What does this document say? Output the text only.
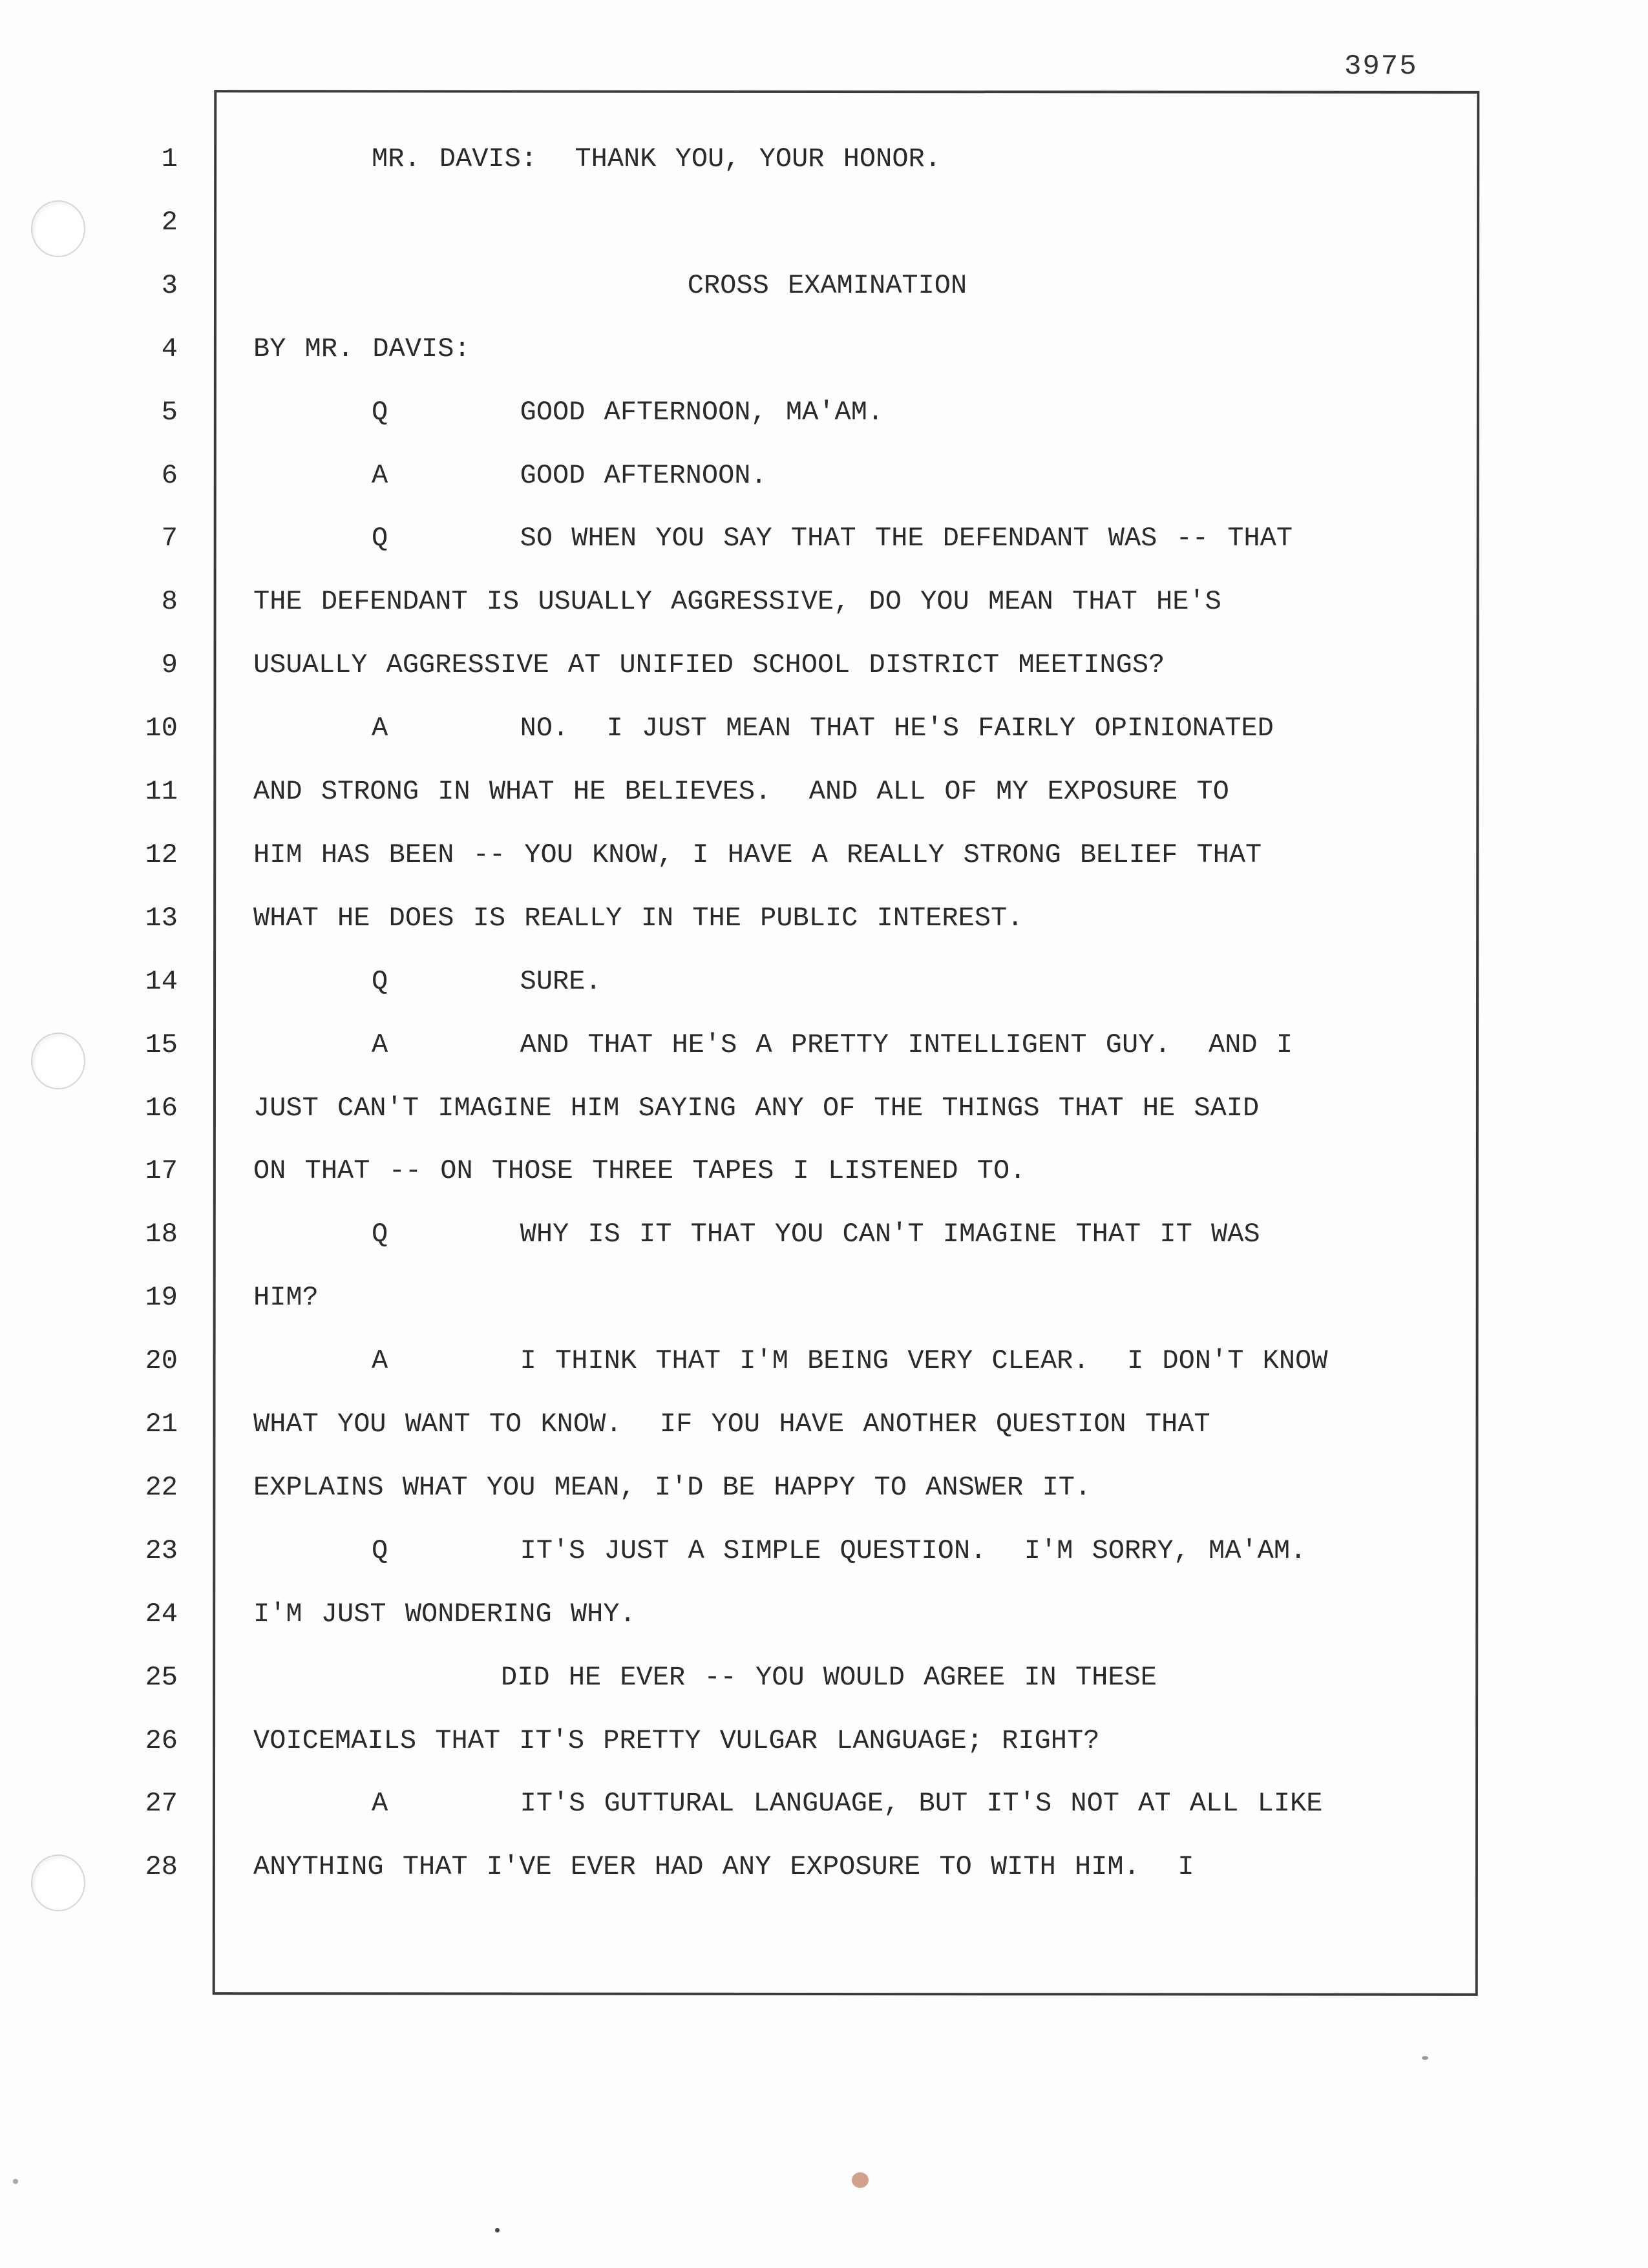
3975
1	MR. DAVIS:  THANK YOU, YOUR HONOR.
2
3	CROSS EXAMINATION
4	BY MR. DAVIS:
5	Q       GOOD AFTERNOON, MA'AM.
6	A       GOOD AFTERNOON.
7	Q       SO WHEN YOU SAY THAT THE DEFENDANT WAS -- THAT
8	THE DEFENDANT IS USUALLY AGGRESSIVE, DO YOU MEAN THAT HE'S
9	USUALLY AGGRESSIVE AT UNIFIED SCHOOL DISTRICT MEETINGS?
10	A       NO.  I JUST MEAN THAT HE'S FAIRLY OPINIONATED
11	AND STRONG IN WHAT HE BELIEVES.  AND ALL OF MY EXPOSURE TO
12	HIM HAS BEEN -- YOU KNOW, I HAVE A REALLY STRONG BELIEF THAT
13	WHAT HE DOES IS REALLY IN THE PUBLIC INTEREST.
14	Q       SURE.
15	A       AND THAT HE'S A PRETTY INTELLIGENT GUY.  AND I
16	JUST CAN'T IMAGINE HIM SAYING ANY OF THE THINGS THAT HE SAID
17	ON THAT -- ON THOSE THREE TAPES I LISTENED TO.
18	Q       WHY IS IT THAT YOU CAN'T IMAGINE THAT IT WAS
19	HIM?
20	A       I THINK THAT I'M BEING VERY CLEAR.  I DON'T KNOW
21	WHAT YOU WANT TO KNOW.  IF YOU HAVE ANOTHER QUESTION THAT
22	EXPLAINS WHAT YOU MEAN, I'D BE HAPPY TO ANSWER IT.
23	Q       IT'S JUST A SIMPLE QUESTION.  I'M SORRY, MA'AM.
24	I'M JUST WONDERING WHY.
25	DID HE EVER -- YOU WOULD AGREE IN THESE
26	VOICEMAILS THAT IT'S PRETTY VULGAR LANGUAGE; RIGHT?
27	A       IT'S GUTTURAL LANGUAGE, BUT IT'S NOT AT ALL LIKE
28	ANYTHING THAT I'VE EVER HAD ANY EXPOSURE TO WITH HIM.  I
